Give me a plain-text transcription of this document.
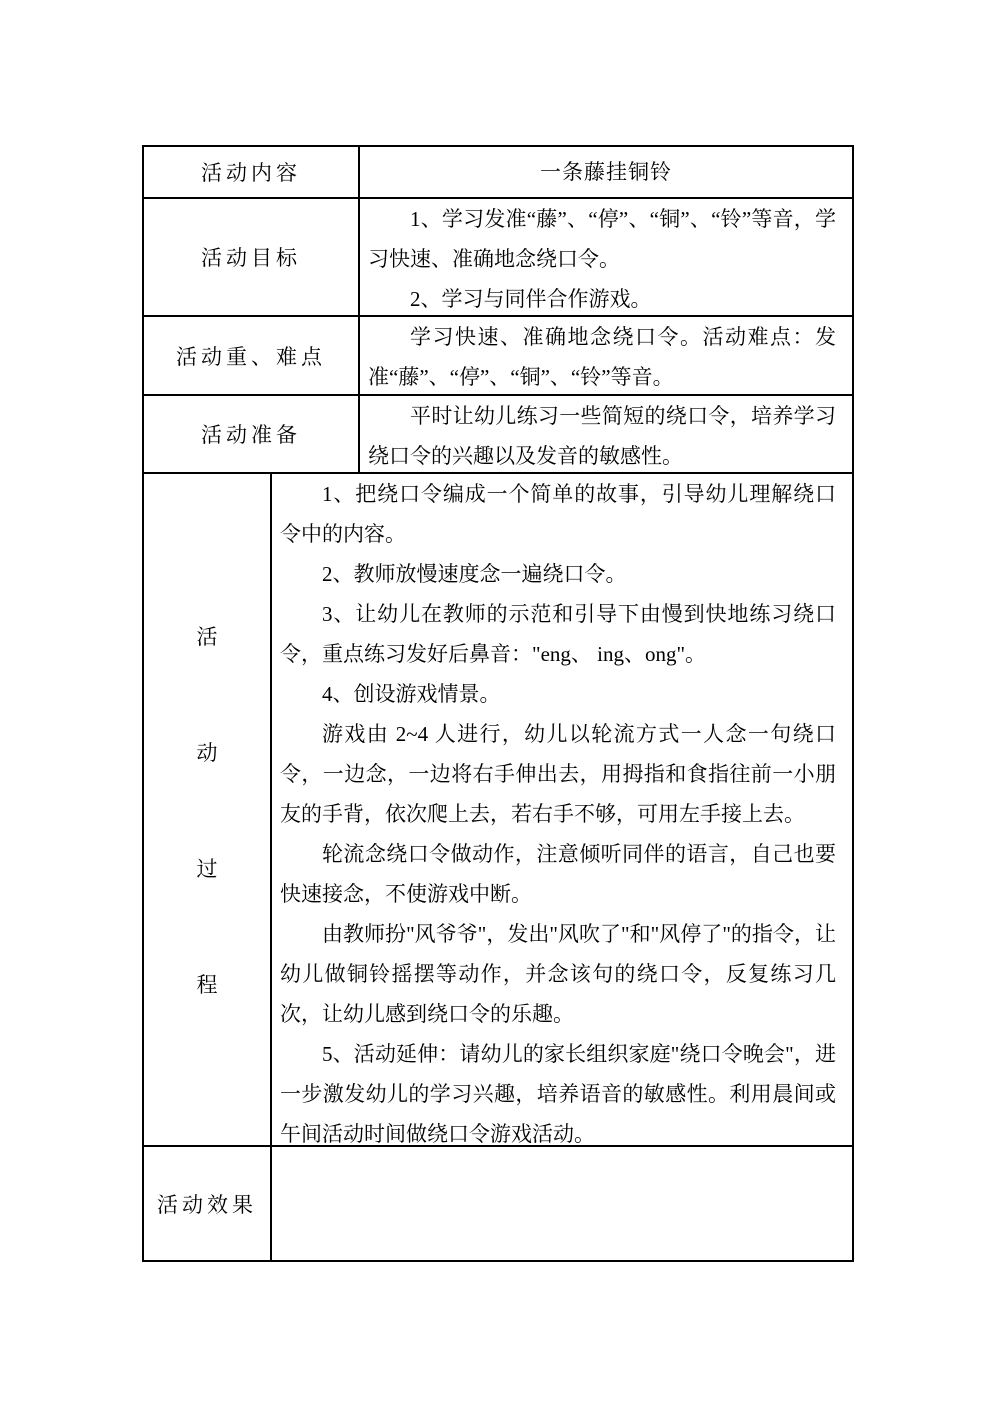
活动内容	一条藤挂铜铃
活动目标

1、学习发准“藤”、“停”、“铜”、“铃”等音，学习快速、准确地念绕口令。

2、学习与同伴合作游戏。

活动重、难点

学习快速、准确地念绕口令。活动难点：发准“藤”、“停”、“铜”、“铃”等音。

活动准备

平时让幼儿练习一些简短的绕口令，培养学习绕口令的兴趣以及发音的敏感性。

活
动
过
程

1、把绕口令编成一个简单的故事，引导幼儿理解绕口令中的内容。

2、教师放慢速度念一遍绕口令。

3、让幼儿在教师的示范和引导下由慢到快地练习绕口令，重点练习发好后鼻音："eng、 ing、ong"。

4、创设游戏情景。

游戏由 2~4 人进行，幼儿以轮流方式一人念一句绕口令，一边念，一边将右手伸出去，用拇指和食指往前一小朋友的手背，依次爬上去，若右手不够，可用左手接上去。

轮流念绕口令做动作，注意倾听同伴的语言，自己也要快速接念，不使游戏中断。

由教师扮"风爷爷"，发出"风吹了"和"风停了"的指令，让幼儿做铜铃摇摆等动作，并念该句的绕口令，反复练习几次，让幼儿感到绕口令的乐趣。

5、活动延伸：请幼儿的家长组织家庭"绕口令晚会"，进一步激发幼儿的学习兴趣，培养语音的敏感性。利用晨间或午间活动时间做绕口令游戏活动。

活动效果
